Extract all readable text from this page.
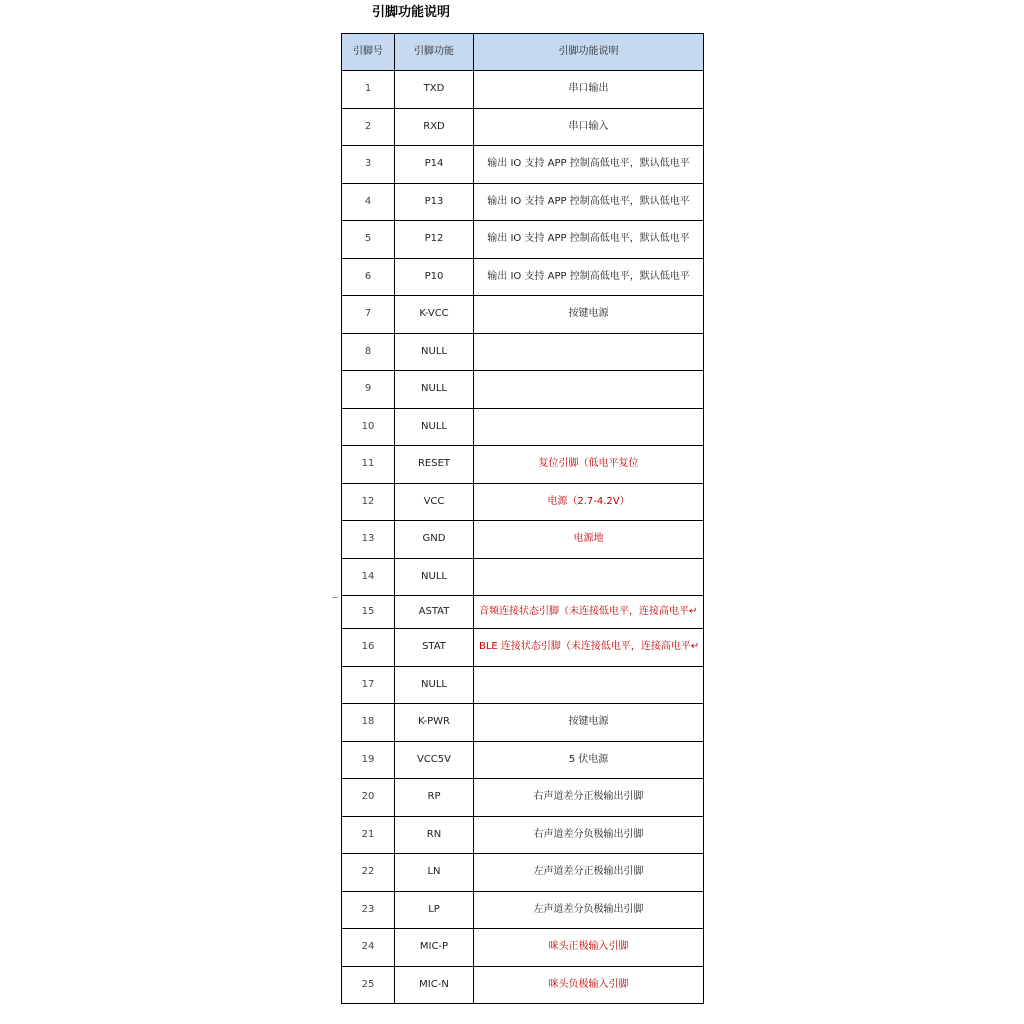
引脚功能说明
引脚号	引脚功能	引脚功能说明
1	TXD	串口输出
2	RXD	串口输入
3	P14	输出 IO 支持 APP 控制高低电平，默认低电平
4	P13	输出 IO 支持 APP 控制高低电平，默认低电平
5	P12	输出 IO 支持 APP 控制高低电平，默认低电平
6	P10	输出 IO 支持 APP 控制高低电平，默认低电平
7	K-VCC	按键电源
8	NULL
9	NULL
10	NULL
11	RESET	复位引脚（低电平复位
12	VCC	电源（2.7-4.2V）
13	GND	电源地
14	NULL
15	ASTAT	音频连接状态引脚（未连接低电平，连接高电平↵
16	STAT	BLE 连接状态引脚（未连接低电平，连接高电平↵
17	NULL
18	K-PWR	按键电源
19	VCC5V	5 伏电源
20	RP	右声道差分正极输出引脚
21	RN	右声道差分负极输出引脚
22	LN	左声道差分正极输出引脚
23	LP	左声道差分负极输出引脚
24	MIC-P	咪头正极输入引脚
25	MIC-N	咪头负极输入引脚
